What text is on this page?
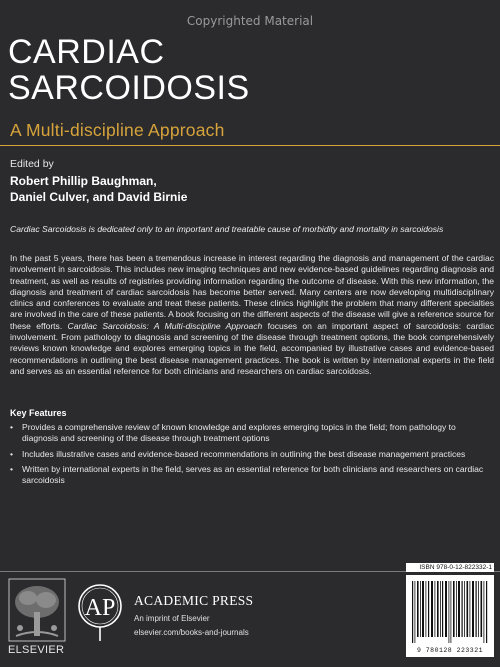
Copyrighted Material
CARDIAC
SARCOIDOSIS
A Multi-discipline Approach
Edited by
Robert Phillip Baughman,
Daniel Culver, and David Birnie
Cardiac Sarcoidosis is dedicated only to an important and treatable cause of morbidity and mortality in sarcoidosis
In the past 5 years, there has been a tremendous increase in interest regarding the diagnosis and management of the cardiac involvement in sarcoidosis. This includes new imaging techniques and new evidence-based guidelines regarding diagnosis and treatment, as well as results of registries providing information regarding the outcome of disease. With this new information, the diagnosis and treatment of cardiac sarcoidosis has become better served. Many centers are now developing multidisciplinary clinics and conferences to evaluate and treat these patients. These clinics highlight the problem that many different specialties are involved in the care of these patients. A book focusing on the different aspects of the disease will give a reference source for these efforts. Cardiac Sarcoidosis: A Multi-discipline Approach focuses on an important aspect of sarcoidosis: cardiac involvement. From pathology to diagnosis and screening of the disease through treatment options, the book comprehensively reviews known knowledge and explores emerging topics in the field, accompanied by illustrative cases and evidence-based recommendations in outlining the best disease management practices. The book is written by international experts in the field and serves as an essential reference for both clinicians and researchers on cardiac sarcoidosis.
Key Features
• Provides a comprehensive review of known knowledge and explores emerging topics in the field; from pathology to diagnosis and screening of the disease through treatment options
• Includes illustrative cases and evidence-based recommendations in outlining the best disease management practices
• Written by international experts in the field, serves as an essential reference for both clinicians and researchers on cardiac sarcoidosis
ELSEVIER
AP ACADEMIC PRESS
An imprint of Elsevier
elsevier.com/books-and-journals
ISBN 978-0-12-822332-1
9 780128 223321
